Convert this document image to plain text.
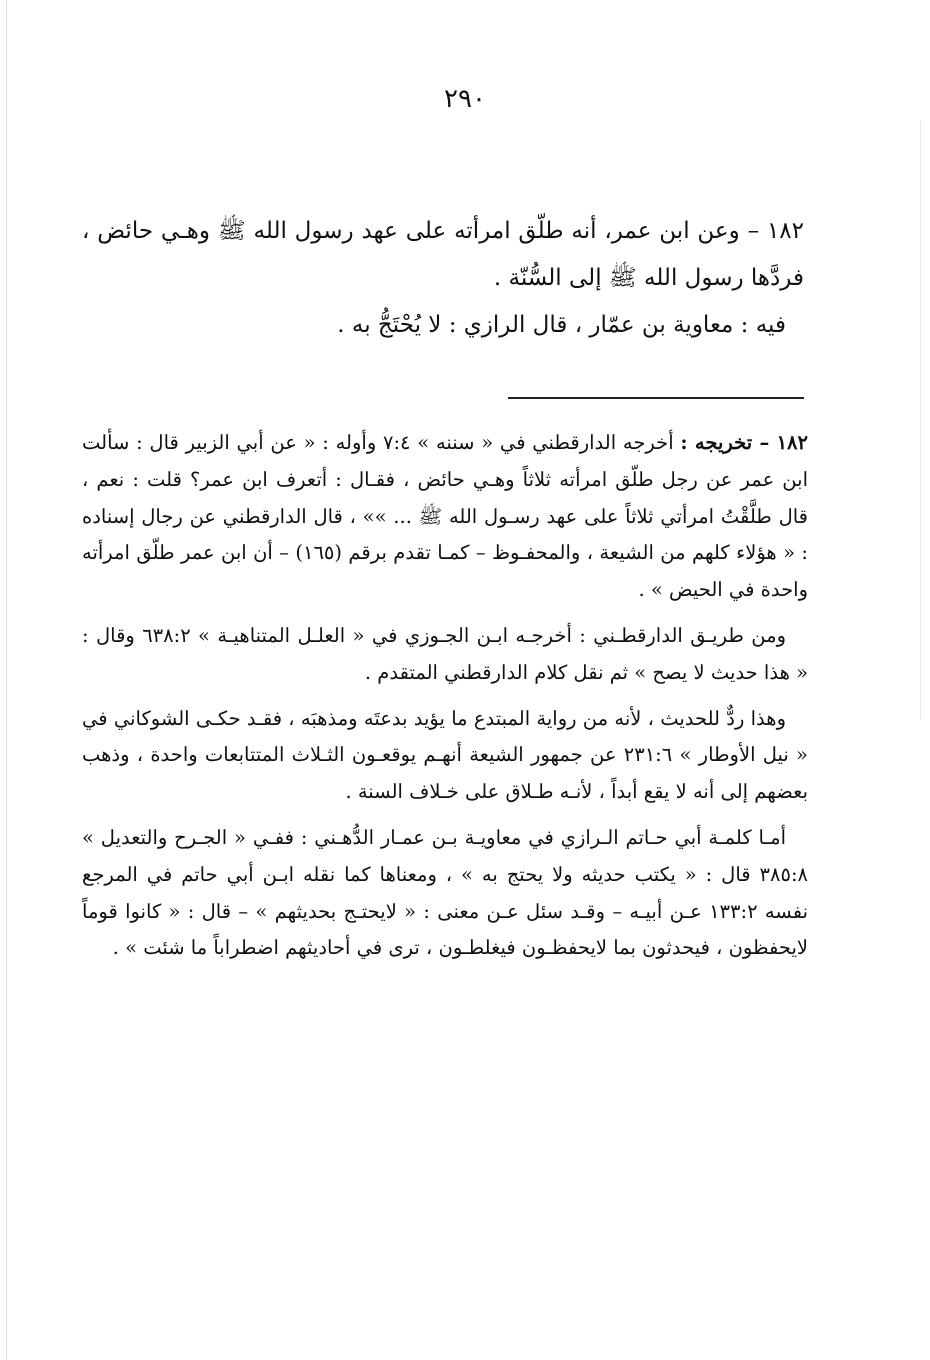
٢٩٠

١٨٢ – وعن ابن عمر، أنه طلّق امرأته على عهد رسول الله ﷺ وهـي حائض ، فردَّها رسول الله ﷺ إلى السُّنّة .

فيه : معاوية بن عمّار ، قال الرازي : لا يُحْتَجُّ به .

١٨٢ – تخريجه : أخرجه الدارقطني في « سننه » ٧:٤ وأوله : « عن أبي الزبير قال : سألت ابن عمر عن رجل طلّق امرأته ثلاثاً وهـي حائض ، فقـال : أتعرف ابن عمر؟ قلت : نعم ، قال طلَّقْتُ امرأتي ثلاثاً على عهد رسـول الله ﷺ ... »» ، قال الدارقطني عن رجال إسناده : « هؤلاء كلهم من الشيعة ، والمحفـوظ – كمـا تقدم برقم (١٦٥) – أن ابن عمر طلّق امرأته واحدة في الحيض » .

ومن طريـق الدارقطـني : أخرجـه ابـن الجـوزي في « العلـل المتناهيـة » ٦٣٨:٢ وقال : « هذا حديث لا يصح » ثم نقل كلام الدارقطني المتقدم .

وهذا ردٌّ للحديث ، لأنه من رواية المبتدع ما يؤيد بدعتَه ومذهبَه ، فقـد حكـى الشوكاني في « نيل الأوطار » ٢٣١:٦ عن جمهور الشيعة أنهـم يوقعـون الثـلاث المتتابعات واحدة ، وذهب بعضهم إلى أنه لا يقع أبداً ، لأنـه طـلاق على خـلاف السنة .

أمـا كلمـة أبي حـاتم الـرازي في معاويـة بـن عمـار الدُّهـني : ففـي « الجـرح والتعديل » ٣٨٥:٨ قال : « يكتب حديثه ولا يحتج به » ، ومعناها كما نقله ابـن أبي حاتم في المرجع نفسه ١٣٣:٢ عـن أبيـه – وقـد سئل عـن معنى : « لايحتـج بحديثهم » – قال : « كانوا قوماً لايحفظون ، فيحدثون بما لايحفظـون فيغلطـون ، ترى في أحاديثهم اضطراباً ما شئت » .
